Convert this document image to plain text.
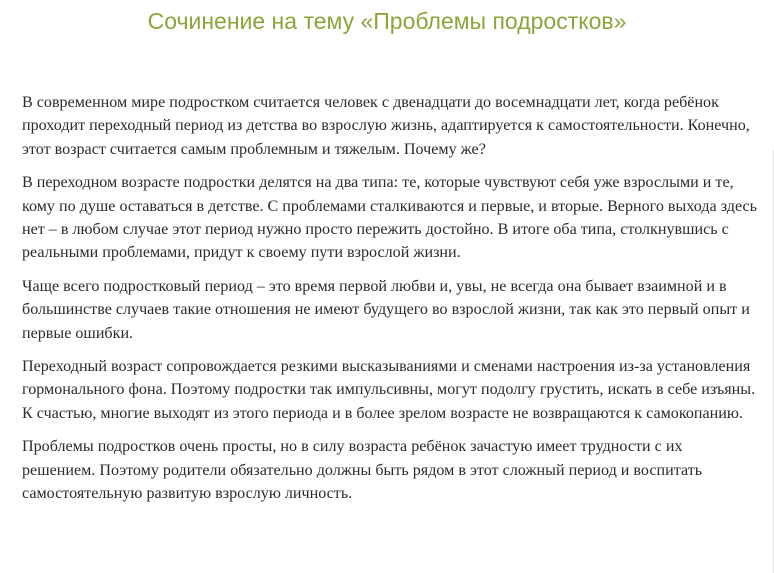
Сочинение на тему «Проблемы подростков»

В современном мире подростком считается человек с двенадцати до восемнадцати лет, когда ребёнок проходит переходный период из детства во взрослую жизнь, адаптируется к самостоятельности. Конечно, этот возраст считается самым проблемным и тяжелым. Почему же?

В переходном возрасте подростки делятся на два типа: те, которые чувствуют себя уже взрослыми и те, кому по душе оставаться в детстве. С проблемами сталкиваются и первые, и вторые. Верного выхода здесь нет – в любом случае этот период нужно просто пережить достойно. В итоге оба типа, столкнувшись с реальными проблемами, придут к своему пути взрослой жизни.

Чаще всего подростковый период – это время первой любви и, увы, не всегда она бывает взаимной и в большинстве случаев такие отношения не имеют будущего во взрослой жизни, так как это первый опыт и первые ошибки.

Переходный возраст сопровождается резкими высказываниями и сменами настроения из-за установления гормонального фона. Поэтому подростки так импульсивны, могут подолгу грустить, искать в себе изъяны. К счастью, многие выходят из этого периода и в более зрелом возрасте не возвращаются к самокопанию.

Проблемы подростков очень просты, но в силу возраста ребёнок зачастую имеет трудности с их решением. Поэтому родители обязательно должны быть рядом в этот сложный период и воспитать самостоятельную развитую взрослую личность.
